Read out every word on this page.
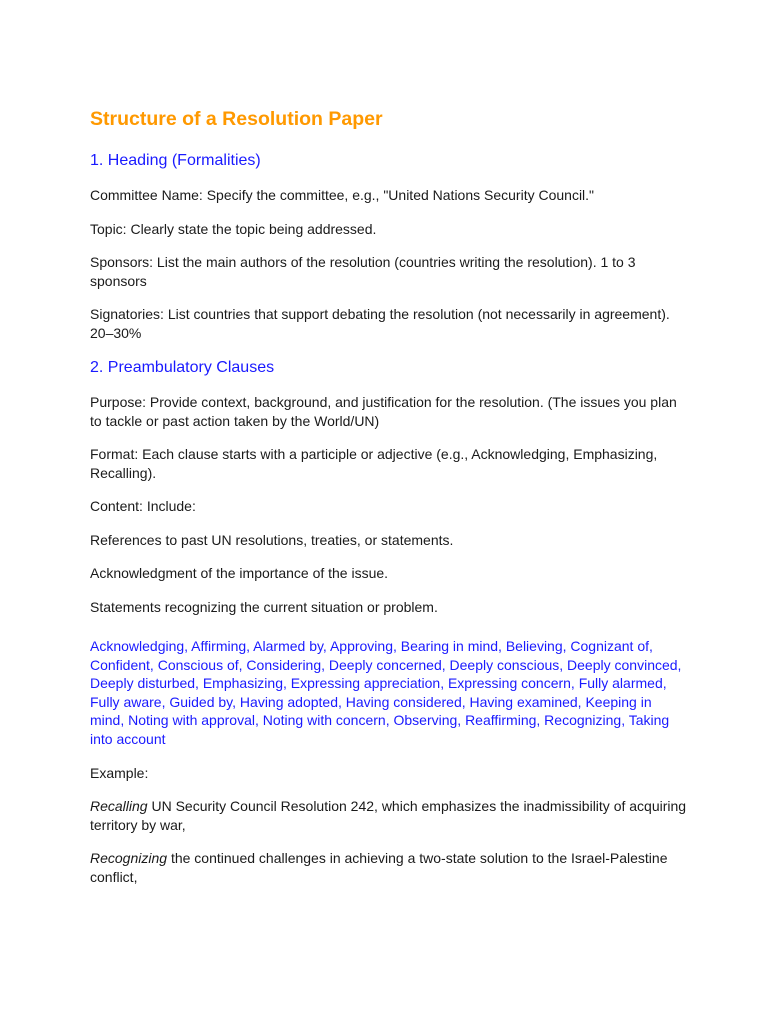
Structure of a Resolution Paper
1. Heading (Formalities)

Committee Name: Specify the committee, e.g., "United Nations Security Council."

Topic: Clearly state the topic being addressed.

Sponsors: List the main authors of the resolution (countries writing the resolution). 1 to 3 sponsors

Signatories: List countries that support debating the resolution (not necessarily in agreement). 20–30%

2. Preambulatory Clauses

Purpose: Provide context, background, and justification for the resolution. (The issues you plan to tackle or past action taken by the World/UN)

Format: Each clause starts with a participle or adjective (e.g., Acknowledging, Emphasizing, Recalling).

Content: Include:

References to past UN resolutions, treaties, or statements.

Acknowledgment of the importance of the issue.

Statements recognizing the current situation or problem.

Acknowledging, Affirming, Alarmed by, Approving, Bearing in mind, Believing, Cognizant of, Confident, Conscious of, Considering, Deeply concerned, Deeply conscious, Deeply convinced, Deeply disturbed, Emphasizing, Expressing appreciation, Expressing concern, Fully alarmed, Fully aware, Guided by, Having adopted, Having considered, Having examined, Keeping in mind, Noting with approval, Noting with concern, Observing, Reaffirming, Recognizing, Taking into account

Example:

Recalling UN Security Council Resolution 242, which emphasizes the inadmissibility of acquiring territory by war,

Recognizing the continued challenges in achieving a two-state solution to the Israel-Palestine conflict,
